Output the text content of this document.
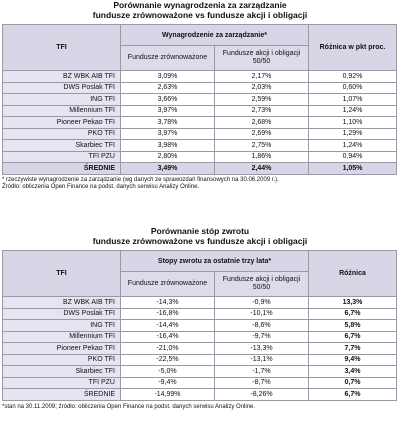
Porównanie wynagrodzenia za zarządzanie
fundusze zrównoważone vs fundusze akcji i obligacji
TFI	Wynagrodzenie za zarządzanie*		Różnica w pkt proc.
	Fundusze zrównoważone	Fundusze akcji i obligacji 50/50	
BZ WBK AIB TFI	3,09%	2,17%	0,92%
DWS Poslak TFI	2,63%	2,03%	0,60%
ING TFI	3,66%	2,59%	1,07%
Millennium TFI	3,97%	2,73%	1,24%
Pioneer Pekao TFI	3,78%	2,68%	1,10%
PKO TFI	3,97%	2,69%	1,29%
Skarbiec TFI	3,98%	2,75%	1,24%
TFI PZU	2,80%	1,86%	0,94%
ŚREDNIE	3,49%	2,44%	1,05%
* rzeczywiste wynagrodzenie za zarządzanie (wg danych ze sprawozdań finansowych na 30.06.2009 r.).
Źródło: obliczenia Open Finance na podst. danych serwisu Analizy Online.
Porównanie stóp zwrotu
fundusze zrównoważone vs fundusze akcji i obligacji
TFI	Stopy zwrotu za ostatnie trzy lata*		Różnica
	Fundusze zrównoważone	Fundusze akcji i obligacji 50/50	
BZ WBK AIB TFI	-14,3%	-0,9%	13,3%
DWS Poslak TFI	-16,8%	-10,1%	6,7%
ING TFI	-14,4%	-8,6%	5,8%
Millennium TFI	-16,4%	-9,7%	6,7%
Pioneer Pekao TFI	-21,0%	-13,3%	7,7%
PKO TFI	-22,5%	-13,1%	9,4%
Skarbiec TFI	-5,0%	-1,7%	3,4%
TFI PZU	-9,4%	-8,7%	0,7%
ŚREDNIE	-14,99%	-8,26%	6,7%
*stan na 30.11.2009; źródło: obliczenia Open Finance na podst. danych serwisu Analizy Online.
